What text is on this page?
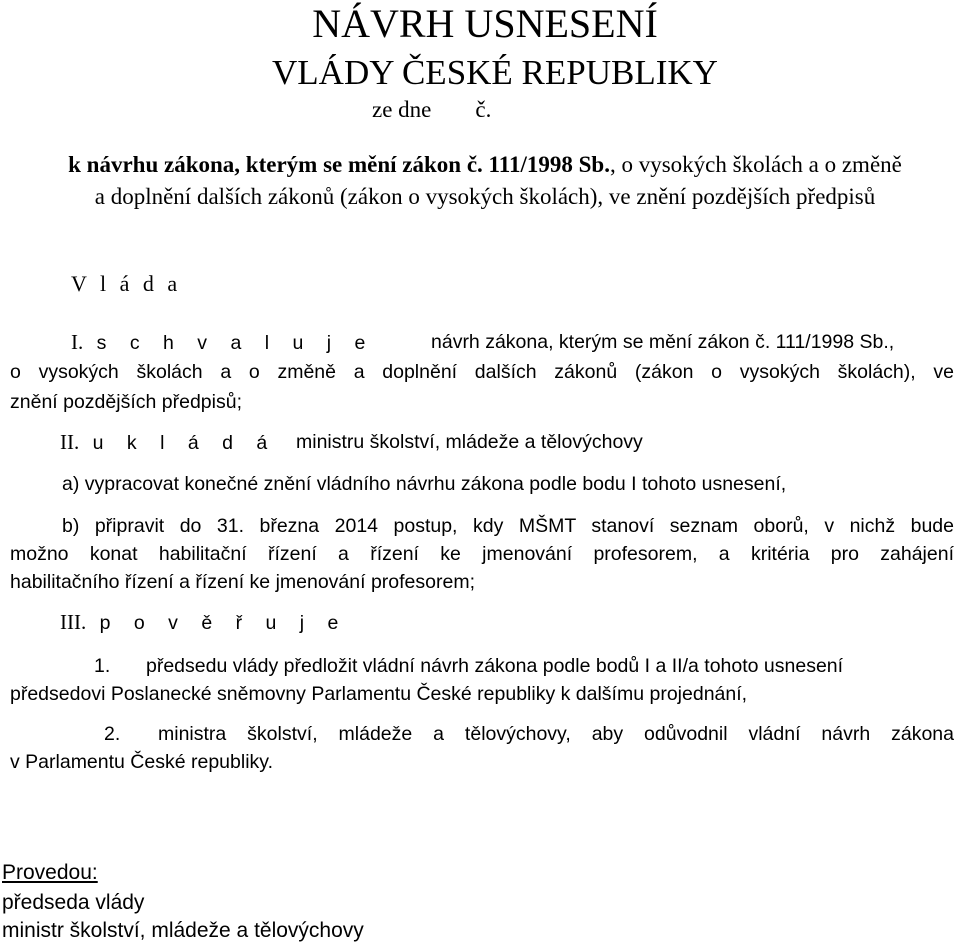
NÁVRH USNESENÍ
VLÁDY ČESKÉ REPUBLIKY
ze dne č.
k návrhu zákona, kterým se mění zákon č. 111/1998 Sb., o vysokých školách a o změně
a doplnění dalších zákonů (zákon o vysokých školách), ve znění pozdějších předpisů
V l á d a
I. s c h v a l u j e	návrh zákona, kterým se mění zákon č. 111/1998 Sb.,
o vysokých školách a o změně a doplnění dalších zákonů (zákon o vysokých školách), ve
znění pozdějších předpisů;
II. u k l á d á ministru školství, mládeže a tělovýchovy
a) vypracovat konečné znění vládního návrhu zákona podle bodu I tohoto usnesení,
b) připravit do 31. března 2014 postup, kdy MŠMT stanoví seznam oborů, v nichž bude
možno konat habilitační řízení a řízení ke jmenování profesorem, a kritéria pro zahájení
habilitačního řízení a řízení ke jmenování profesorem;
III. p o v ě ř u j e
1. předsedu vlády předložit vládní návrh zákona podle bodů I a II/a tohoto usnesení
předsedovi Poslanecké sněmovny Parlamentu České republiky k dalšímu projednání,
2. ministra školství, mládeže a tělovýchovy, aby odůvodnil vládní návrh zákona
v Parlamentu České republiky.
Provedou:
předseda vlády
ministr školství, mládeže a tělovýchovy
